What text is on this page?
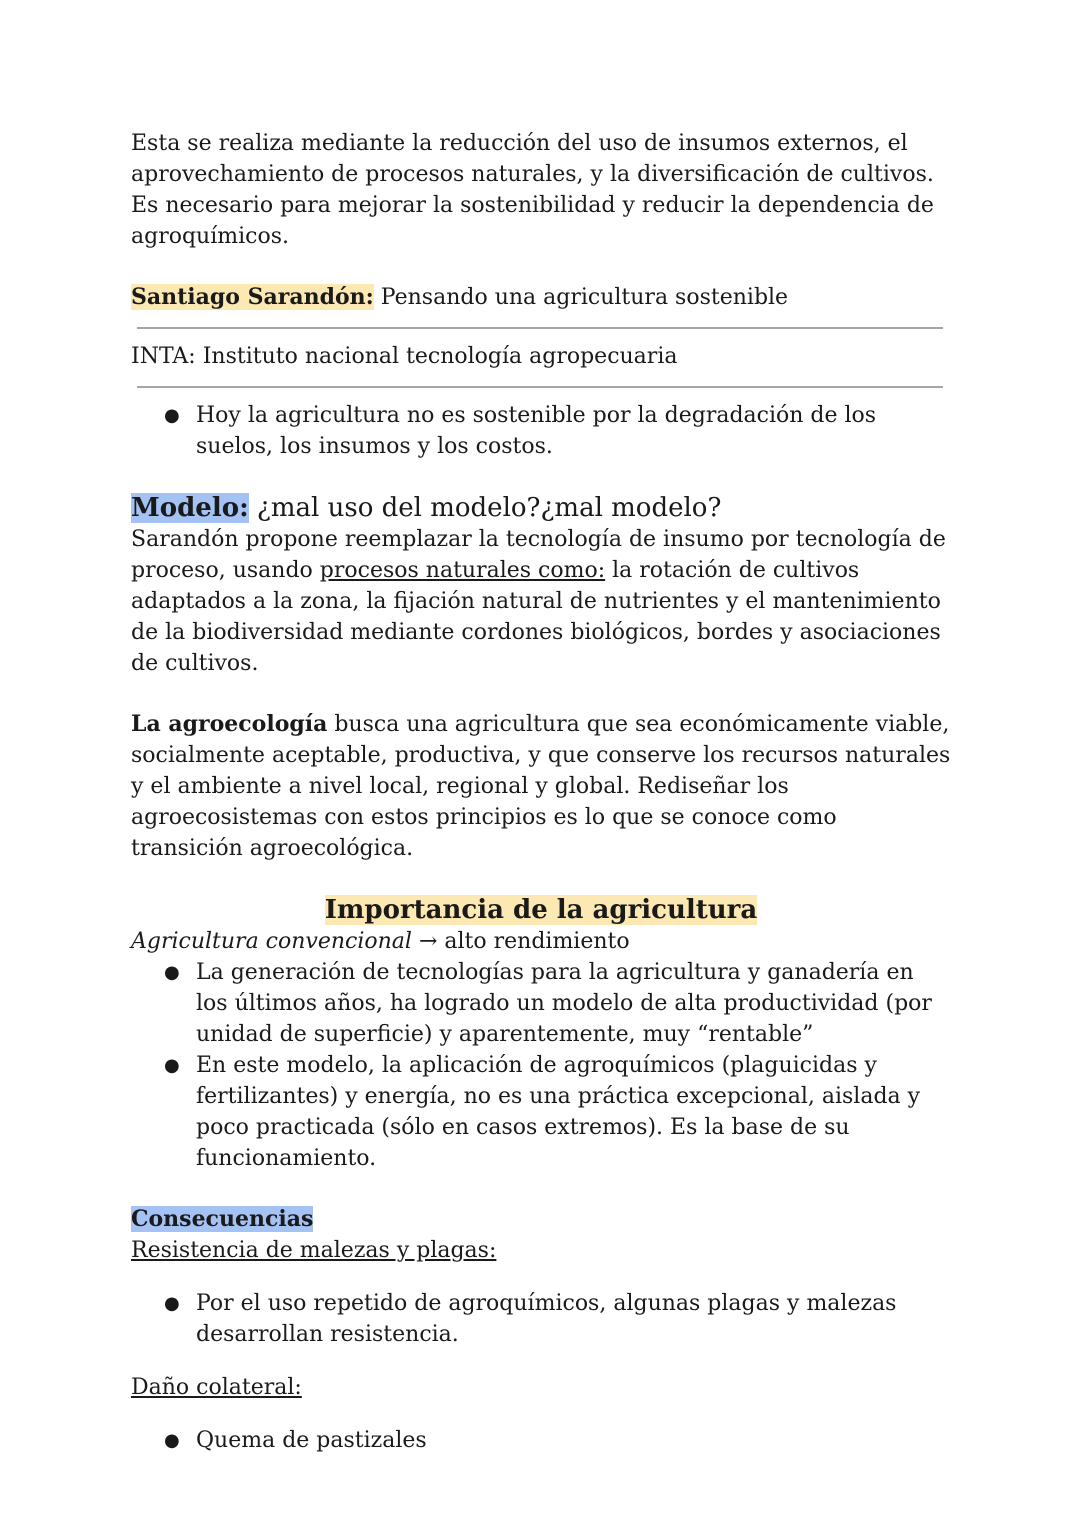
Esta se realiza mediante la reducción del uso de insumos externos, el aprovechamiento de procesos naturales, y la diversificación de cultivos. Es necesario para mejorar la sostenibilidad y reducir la dependencia de agroquímicos.

Santiago Sarandón: Pensando una agricultura sostenible

INTA: Instituto nacional tecnología agropecuaria

● Hoy la agricultura no es sostenible por la degradación de los suelos, los insumos y los costos.

Modelo: ¿mal uso del modelo?¿mal modelo?

Sarandón propone reemplazar la tecnología de insumo por tecnología de proceso, usando procesos naturales como: la rotación de cultivos adaptados a la zona, la fijación natural de nutrientes y el mantenimiento de la biodiversidad mediante cordones biológicos, bordes y asociaciones de cultivos.

La agroecología busca una agricultura que sea económicamente viable, socialmente aceptable, productiva, y que conserve los recursos naturales y el ambiente a nivel local, regional y global. Rediseñar los agroecosistemas con estos principios es lo que se conoce como transición agroecológica.

Importancia de la agricultura

Agricultura convencional → alto rendimiento

● La generación de tecnologías para la agricultura y ganadería en los últimos años, ha logrado un modelo de alta productividad (por unidad de superficie) y aparentemente, muy “rentable”
● En este modelo, la aplicación de agroquímicos (plaguicidas y fertilizantes) y energía, no es una práctica excepcional, aislada y poco practicada (sólo en casos extremos). Es la base de su funcionamiento.

Consecuencias

Resistencia de malezas y plagas:

● Por el uso repetido de agroquímicos, algunas plagas y malezas desarrollan resistencia.

Daño colateral:

● Quema de pastizales
